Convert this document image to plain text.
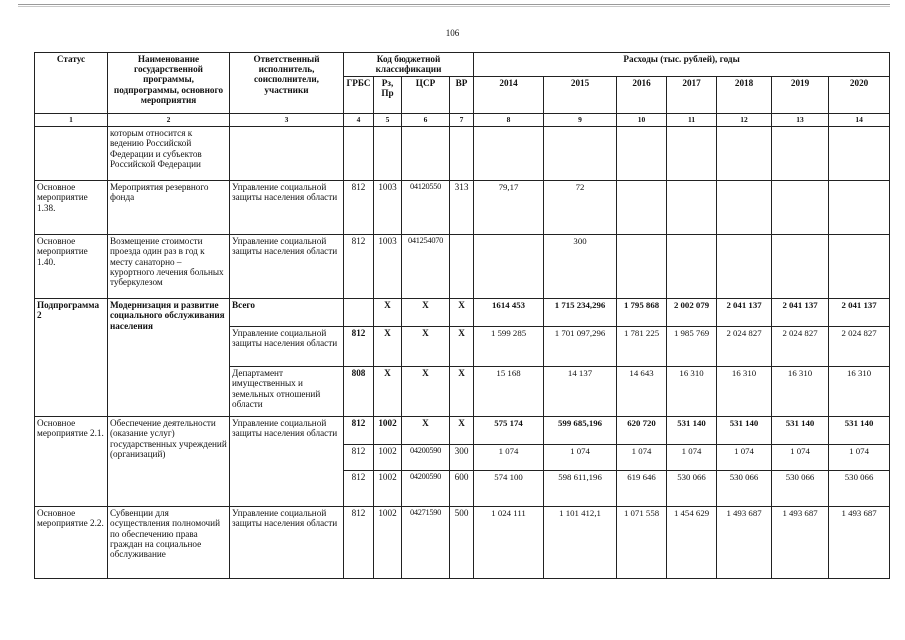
106
Статус	Наименование государственной программы, подпрограммы, основного мероприятия	Ответственный исполнитель, соисполнители, участники	Код бюджетной классификации				Расходы (тыс. рублей), годы						
			ГРБС	Рз, Пр	ЦСР	ВР	2014	2015	2016	2017	2018	2019	2020
1	2	3	4	5	6	7	8	9	10	11	12	13	14
	которым относится к ведению Российской Федерации и субъектов Российской Федерации												
Основное мероприятие 1.38.	Мероприятия резервного фонда	Управление социальной защиты населения области	812	1003	04120550	313	79,17	72					
Основное мероприятие 1.40.	Возмещение стоимости проезда один раз в год к месту санаторно – курортного лечения больных туберкулезом	Управление социальной защиты населения области	812	1003	041254070			300					
Подпрограмма 2	Модернизация и развитие социального обслуживания населения	Всего		X	X	X	1614 453	1 715 234,296	1 795 868	2 002 079	2 041 137	2 041 137	2 041 137
		Управление социальной защиты населения области	812	X	X	X	1 599 285	1 701 097,296	1 781 225	1 985 769	2 024 827	2 024 827	2 024 827
		Департамент имущественных и земельных отношений области	808	X	X	X	15 168	14 137	14 643	16 310	16 310	16 310	16 310
Основное мероприятие 2.1.	Обеспечение деятельности (оказание услуг) государственных учреждений (организаций)	Управление социальной защиты населения области	812	1002	X	X	575 174	599 685,196	620 720	531 140	531 140	531 140	531 140
			812	1002	04200590	300	1 074	1 074	1 074	1 074	1 074	1 074	1 074
			812	1002	04200590	600	574 100	598 611,196	619 646	530 066	530 066	530 066	530 066
Основное мероприятие 2.2.	Субвенции для осуществления полномочий по обеспечению права граждан на социальное обслуживание	Управление социальной защиты населения области	812	1002	04271590	500	1 024 111	1 101 412,1	1 071 558	1 454 629	1 493 687	1 493 687	1 493 687
